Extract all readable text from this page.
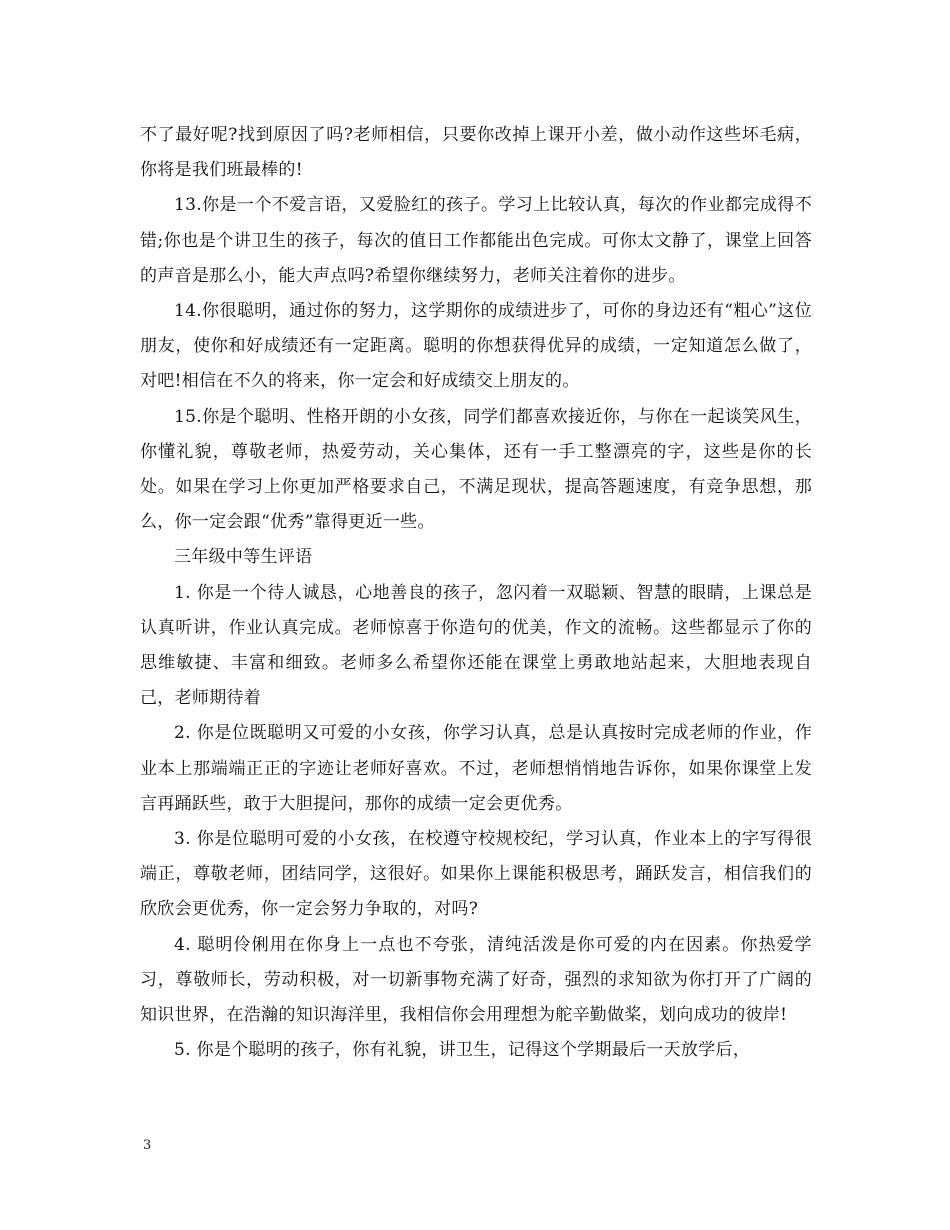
不了最好呢?找到原因了吗?老师相信，只要你改掉上课开小差，做小动作这些坏毛病，你将是我们班最棒的!

13.你是一个不爱言语，又爱脸红的孩子。学习上比较认真，每次的作业都完成得不错;你也是个讲卫生的孩子，每次的值日工作都能出色完成。可你太文静了，课堂上回答的声音是那么小，能大声点吗?希望你继续努力，老师关注着你的进步。

14.你很聪明，通过你的努力，这学期你的成绩进步了，可你的身边还有“粗心”这位朋友，使你和好成绩还有一定距离。聪明的你想获得优异的成绩，一定知道怎么做了，对吧!相信在不久的将来，你一定会和好成绩交上朋友的。

15.你是个聪明、性格开朗的小女孩，同学们都喜欢接近你，与你在一起谈笑风生，你懂礼貌，尊敬老师，热爱劳动，关心集体，还有一手工整漂亮的字，这些是你的长处。如果在学习上你更加严格要求自己，不满足现状，提高答题速度，有竞争思想，那么，你一定会跟“优秀”靠得更近一些。

三年级中等生评语

1. 你是一个待人诚恳，心地善良的孩子，忽闪着一双聪颖、智慧的眼睛，上课总是认真听讲，作业认真完成。老师惊喜于你造句的优美，作文的流畅。这些都显示了你的思维敏捷、丰富和细致。老师多么希望你还能在课堂上勇敢地站起来，大胆地表现自己，老师期待着

2. 你是位既聪明又可爱的小女孩，你学习认真，总是认真按时完成老师的作业，作业本上那端端正正的字迹让老师好喜欢。不过，老师想悄悄地告诉你，如果你课堂上发言再踊跃些，敢于大胆提问，那你的成绩一定会更优秀。

3. 你是位聪明可爱的小女孩，在校遵守校规校纪，学习认真，作业本上的字写得很端正，尊敬老师，团结同学，这很好。如果你上课能积极思考，踊跃发言，相信我们的欣欣会更优秀，你一定会努力争取的，对吗?

4. 聪明伶俐用在你身上一点也不夸张，清纯活泼是你可爱的内在因素。你热爱学习，尊敬师长，劳动积极，对一切新事物充满了好奇，强烈的求知欲为你打开了广阔的知识世界，在浩瀚的知识海洋里，我相信你会用理想为舵辛勤做桨，划向成功的彼岸!

5. 你是个聪明的孩子，你有礼貌，讲卫生，记得这个学期最后一天放学后，

3
